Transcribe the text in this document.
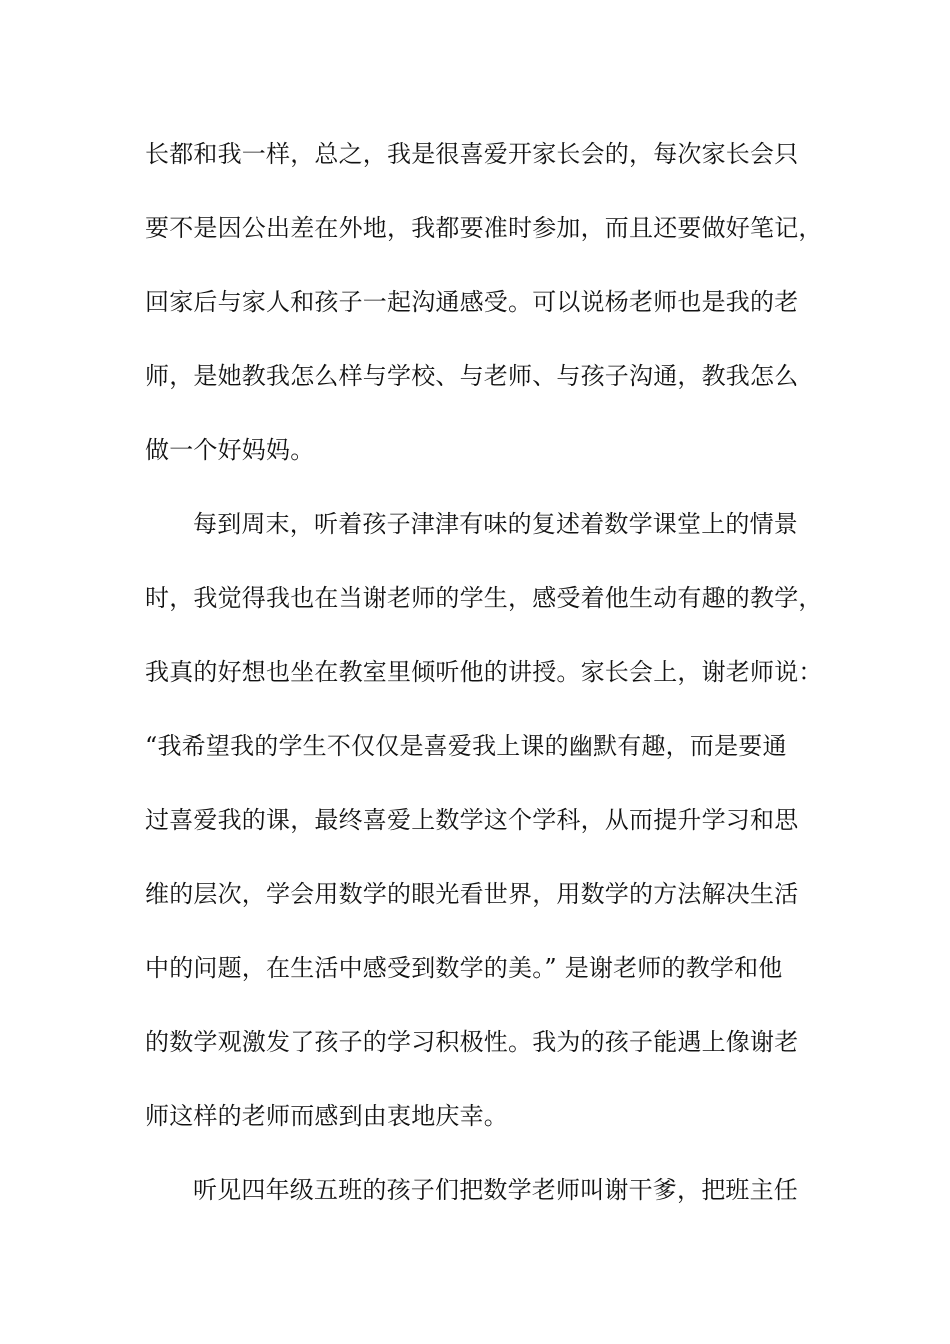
长都和我一样，总之，我是很喜爱开家长会的，每次家长会只
要不是因公出差在外地，我都要准时参加，而且还要做好笔记，
回家后与家人和孩子一起沟通感受。可以说杨老师也是我的老
师，是她教我怎么样与学校、与老师、与孩子沟通，教我怎么
做一个好妈妈。
每到周末，听着孩子津津有味的复述着数学课堂上的情景
时，我觉得我也在当谢老师的学生，感受着他生动有趣的教学，
我真的好想也坐在教室里倾听他的讲授。家长会上，谢老师说：
“我希望我的学生不仅仅是喜爱我上课的幽默有趣，而是要通
过喜爱我的课，最终喜爱上数学这个学科，从而提升学习和思
维的层次，学会用数学的眼光看世界，用数学的方法解决生活
中的问题，在生活中感受到数学的美。” 是谢老师的教学和他
的数学观激发了孩子的学习积极性。我为的孩子能遇上像谢老
师这样的老师而感到由衷地庆幸。
听见四年级五班的孩子们把数学老师叫谢干爹，把班主任
